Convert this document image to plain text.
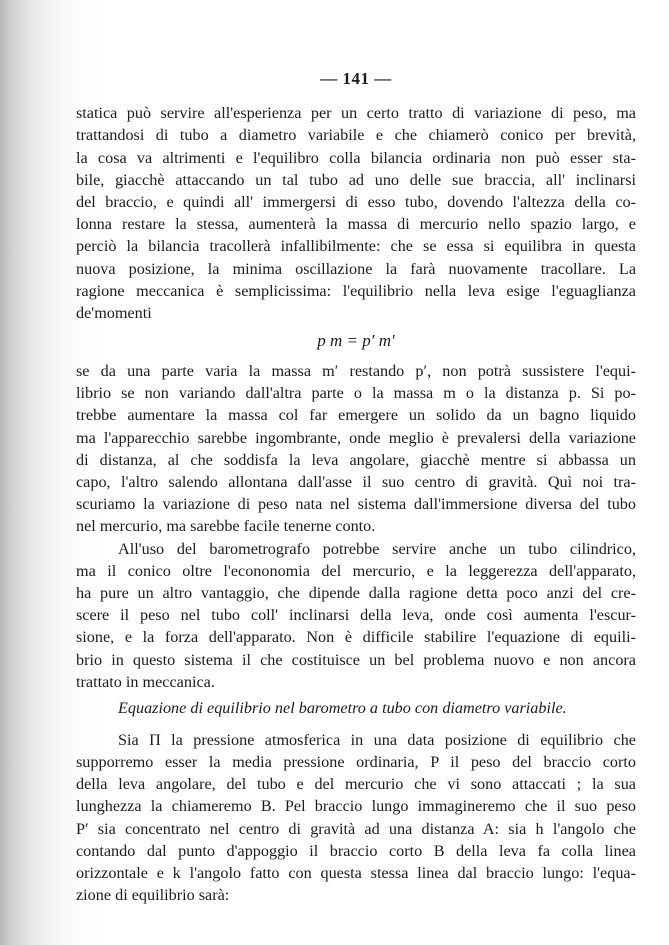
— 141 —
statica può servire all'esperienza per un certo tratto di variazione di peso, ma
trattandosi di tubo a diametro variabile e che chiamerò conico per brevità,
la cosa va altrimenti e l'equilibro colla bilancia ordinaria non può esser sta-
bile, giacchè attaccando un tal tubo ad uno delle sue braccia, all' inclinarsi
del braccio, e quindi all' immergersi di esso tubo, dovendo l'altezza della co-
lonna restare la stessa, aumenterà la massa di mercurio nello spazio largo, e
perciò la bilancia tracollerà infallibilmente: che se essa si equilibra in questa
nuova posizione, la minima oscillazione la farà nuovamente tracollare. La
ragione meccanica è semplicissima: l'equilibrio nella leva esige l'eguaglianza
de'momenti
p m = p′ m′
se da una parte varia la massa m′ restando p′, non potrà sussistere l'equi-
librio se non variando dall'altra parte o la massa m o la distanza p. Si po-
trebbe aumentare la massa col far emergere un solido da un bagno liquido
ma l'apparecchio sarebbe ingombrante, onde meglio è prevalersi della variazione
di distanza, al che soddisfa la leva angolare, giacchè mentre si abbassa un
capo, l'altro salendo allontana dall'asse il suo centro di gravità. Quì noi tra-
scuriamo la variazione di peso nata nel sistema dall'immersione diversa del tubo
nel mercurio, ma sarebbe facile tenerne conto.
All'uso del barometrografo potrebbe servire anche un tubo cilindrico,
ma il conico oltre l'econonomia del mercurio, e la leggerezza dell'apparato,
ha pure un altro vantaggio, che dipende dalla ragione detta poco anzi del cre-
scere il peso nel tubo coll' inclinarsi della leva, onde così aumenta l'escur-
sione, e la forza dell'apparato. Non è difficile stabilire l'equazione di equili-
brio in questo sistema il che costituisce un bel problema nuovo e non ancora
trattato in meccanica.
Equazione di equilibrio nel barometro a tubo con diametro variabile.
Sia Π la pressione atmosferica in una data posizione di equilibrio che
supporremo esser la media pressione ordinaria, P il peso del braccio corto
della leva angolare, del tubo e del mercurio che vi sono attaccati ; la sua
lunghezza la chiameremo B. Pel braccio lungo immagineremo che il suo peso
P′ sia concentrato nel centro di gravità ad una distanza A: sia h l'angolo che
contando dal punto d'appoggio il braccio corto B della leva fa colla linea
orizzontale e k l'angolo fatto con questa stessa linea dal braccio lungo: l'equa-
zione di equilibrio sarà:
